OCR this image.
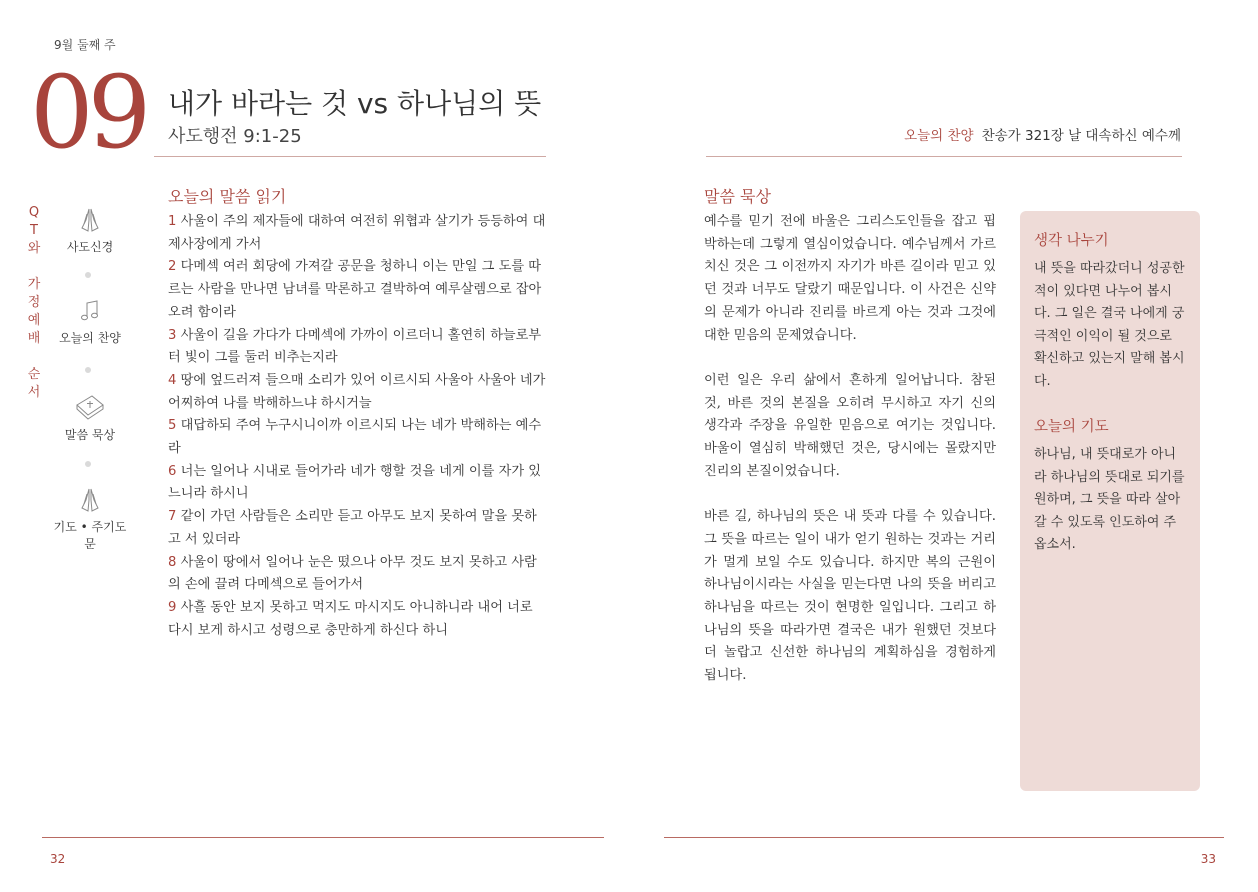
9월 둘째 주
09 내가 바라는 것 vs 하나님의 뜻
사도행전 9:1-25	오늘의 찬양 찬송가 321장 날 대속하신 예수께
Q
T
와
가
정
예
배
순
서
사도신경
오늘의 찬양
말씀 묵상
기도 • 주기도문
오늘의 말씀 읽기
1 사울이 주의 제자들에 대하여 여전히 위협과 살기가 등등하여 대제사장에게 가서
2 다메섹 여러 회당에 가져갈 공문을 청하니 이는 만일 그 도를 따르는 사람을 만나면 남녀를 막론하고 결박하여 예루살렘으로 잡아오려 함이라
3 사울이 길을 가다가 다메섹에 가까이 이르더니 홀연히 하늘로부터 빛이 그를 둘러 비추는지라
4 땅에 엎드러져 들으매 소리가 있어 이르시되 사울아 사울아 네가 어찌하여 나를 박해하느냐 하시거늘
5 대답하되 주여 누구시니이까 이르시되 나는 네가 박해하는 예수라
6 너는 일어나 시내로 들어가라 네가 행할 것을 네게 이를 자가 있느니라 하시니
7 같이 가던 사람들은 소리만 듣고 아무도 보지 못하여 말을 못하고 서 있더라
8 사울이 땅에서 일어나 눈은 떴으나 아무 것도 보지 못하고 사람의 손에 끌려 다메섹으로 들어가서
9 사흘 동안 보지 못하고 먹지도 마시지도 아니하니라 내어 너로 다시 보게 하시고 성령으로 충만하게 하신다 하니
말씀 묵상

예수를 믿기 전에 바울은 그리스도인들을 잡고 핍박하는데 그렇게 열심이었습니다. 예수님께서 가르치신 것은 그 이전까지 자기가 바른 길이라 믿고 있던 것과 너무도 달랐기 때문입니다. 이 사건은 신약의 문제가 아니라 진리를 바르게 아는 것과 그것에 대한 믿음의 문제였습니다.

이런 일은 우리 삶에서 흔하게 일어납니다. 참된 것, 바른 것의 본질을 오히려 무시하고 자기 신의 생각과 주장을 유일한 믿음으로 여기는 것입니다. 바울이 열심히 박해했던 것은, 당시에는 몰랐지만 진리의 본질이었습니다.

바른 길, 하나님의 뜻은 내 뜻과 다를 수 있습니다. 그 뜻을 따르는 일이 내가 얻기 원하는 것과는 거리가 멀게 보일 수도 있습니다. 하지만 복의 근원이 하나님이시라는 사실을 믿는다면 나의 뜻을 버리고 하나님을 따르는 것이 현명한 일입니다. 그리고 하나님의 뜻을 따라가면 결국은 내가 원했던 것보다 더 놀랍고 신선한 하나님의 계획하심을 경험하게 됩니다.

생각 나누기

내 뜻을 따라갔더니 성공한 적이 있다면 나누어 봅시다. 그 일은 결국 나에게 궁극적인 이익이 될 것으로 확신하고 있는지 말해 봅시다.

오늘의 기도

하나님, 내 뜻대로가 아니라 하나님의 뜻대로 되기를 원하며, 그 뜻을 따라 살아갈 수 있도록 인도하여 주옵소서.

32	33
